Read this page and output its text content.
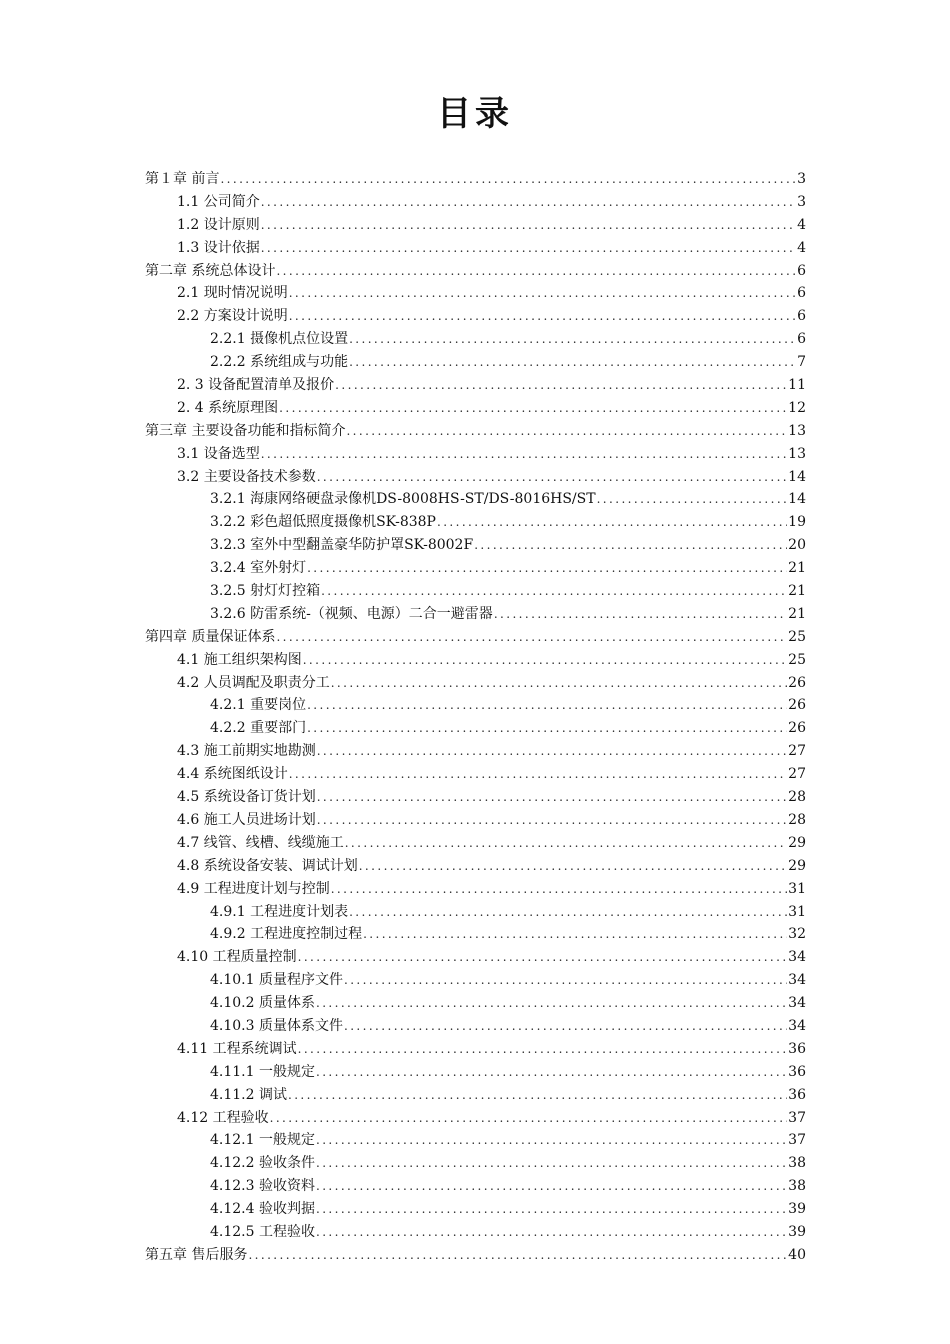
目录
第１章 前言 .....	3
1.1 公司简介 .....	3
1.2 设计原则 .....	4
1.3 设计依据 .....	4
第二章 系统总体设计 .....	6
2.1 现时情况说明 .....	6
2.2 方案设计说明 .....	6
2.2.1 摄像机点位设置 .....	6
2.2.2 系统组成与功能 .....	7
2. 3 设备配置清单及报价 .....	11
2. 4 系统原理图 .....	12
第三章 主要设备功能和指标简介 .....	13
3.1 设备选型 .....	13
3.2 主要设备技术参数 .....	14
3.2.1 海康网络硬盘录像机DS-8008HS-ST/DS-8016HS/ST .....	14
3.2.2 彩色超低照度摄像机SK-838P .....	19
3.2.3 室外中型翻盖豪华防护罩SK-8002F .....	20
3.2.4 室外射灯 .....	21
3.2.5 射灯灯控箱 .....	21
3.2.6 防雷系统-（视频、电源）二合一避雷器 .....	21
第四章 质量保证体系 .....	25
4.1 施工组织架构图 .....	25
4.2 人员调配及职责分工 .....	26
4.2.1 重要岗位 .....	26
4.2.2 重要部门 .....	26
4.3 施工前期实地勘测 .....	27
4.4 系统图纸设计 .....	27
4.5 系统设备订货计划 .....	28
4.6 施工人员进场计划 .....	28
4.7 线管、线槽、线缆施工 .....	29
4.8 系统设备安装、调试计划 .....	29
4.9 工程进度计划与控制 .....	31
4.9.1 工程进度计划表 .....	31
4.9.2 工程进度控制过程 .....	32
4.10 工程质量控制 .....	34
4.10.1 质量程序文件 .....	34
4.10.2 质量体系 .....	34
4.10.3 质量体系文件 .....	34
4.11 工程系统调试 .....	36
4.11.1 一般规定 .....	36
4.11.2 调试 .....	36
4.12 工程验收 .....	37
4.12.1 一般规定 .....	37
4.12.2 验收条件 .....	38
4.12.3 验收资料 .....	38
4.12.4 验收判据 .....	39
4.12.5 工程验收 .....	39
第五章 售后服务 .....	40
